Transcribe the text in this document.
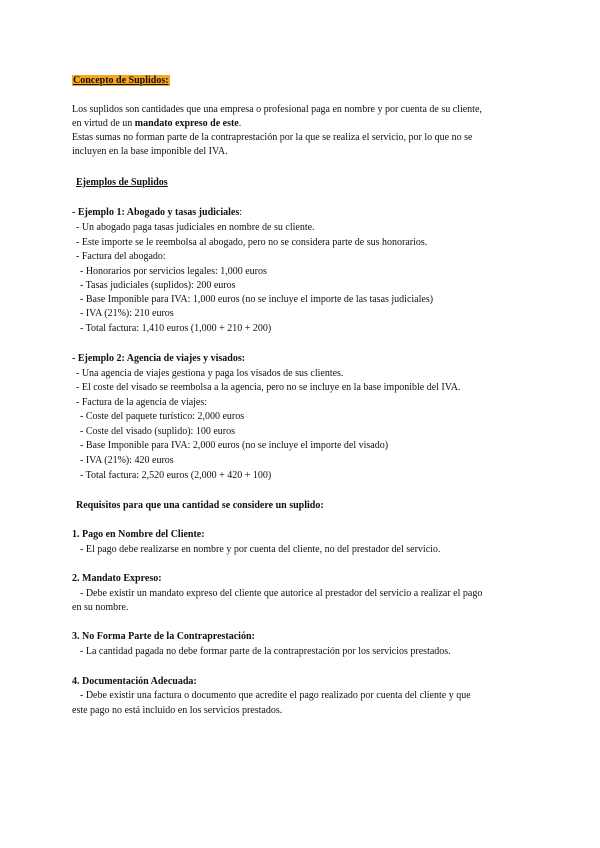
Concepto de Suplidos:
Los suplidos son cantidades que una empresa o profesional paga en nombre y por cuenta de su cliente,
en virtud de un mandato expreso de este.
Estas sumas no forman parte de la contraprestación por la que se realiza el servicio, por lo que no se
incluyen en la base imponible del IVA.
Ejemplos de Suplidos
- Ejemplo 1: Abogado y tasas judiciales:
- Un abogado paga tasas judiciales en nombre de su cliente.
- Este importe se le reembolsa al abogado, pero no se considera parte de sus honorarios.
- Factura del abogado:
- Honorarios por servicios legales: 1,000 euros
- Tasas judiciales (suplidos): 200 euros
- Base Imponible para IVA: 1,000 euros (no se incluye el importe de las tasas judiciales)
- IVA (21%): 210 euros
- Total factura: 1,410 euros (1,000 + 210 + 200)
- Ejemplo 2: Agencia de viajes y visados:
- Una agencia de viajes gestiona y paga los visados de sus clientes.
- El coste del visado se reembolsa a la agencia, pero no se incluye en la base imponible del IVA.
- Factura de la agencia de viajes:
- Coste del paquete turístico: 2,000 euros
- Coste del visado (suplido): 100 euros
- Base Imponible para IVA: 2,000 euros (no se incluye el importe del visado)
- IVA (21%): 420 euros
- Total factura: 2,520 euros (2,000 + 420 + 100)
Requisitos para que una cantidad se considere un suplido:
1. Pago en Nombre del Cliente:
- El pago debe realizarse en nombre y por cuenta del cliente, no del prestador del servicio.
2. Mandato Expreso:
- Debe existir un mandato expreso del cliente que autorice al prestador del servicio a realizar el pago
en su nombre.
3. No Forma Parte de la Contraprestación:
- La cantidad pagada no debe formar parte de la contraprestación por los servicios prestados.
4. Documentación Adecuada:
- Debe existir una factura o documento que acredite el pago realizado por cuenta del cliente y que
este pago no está incluido en los servicios prestados.
